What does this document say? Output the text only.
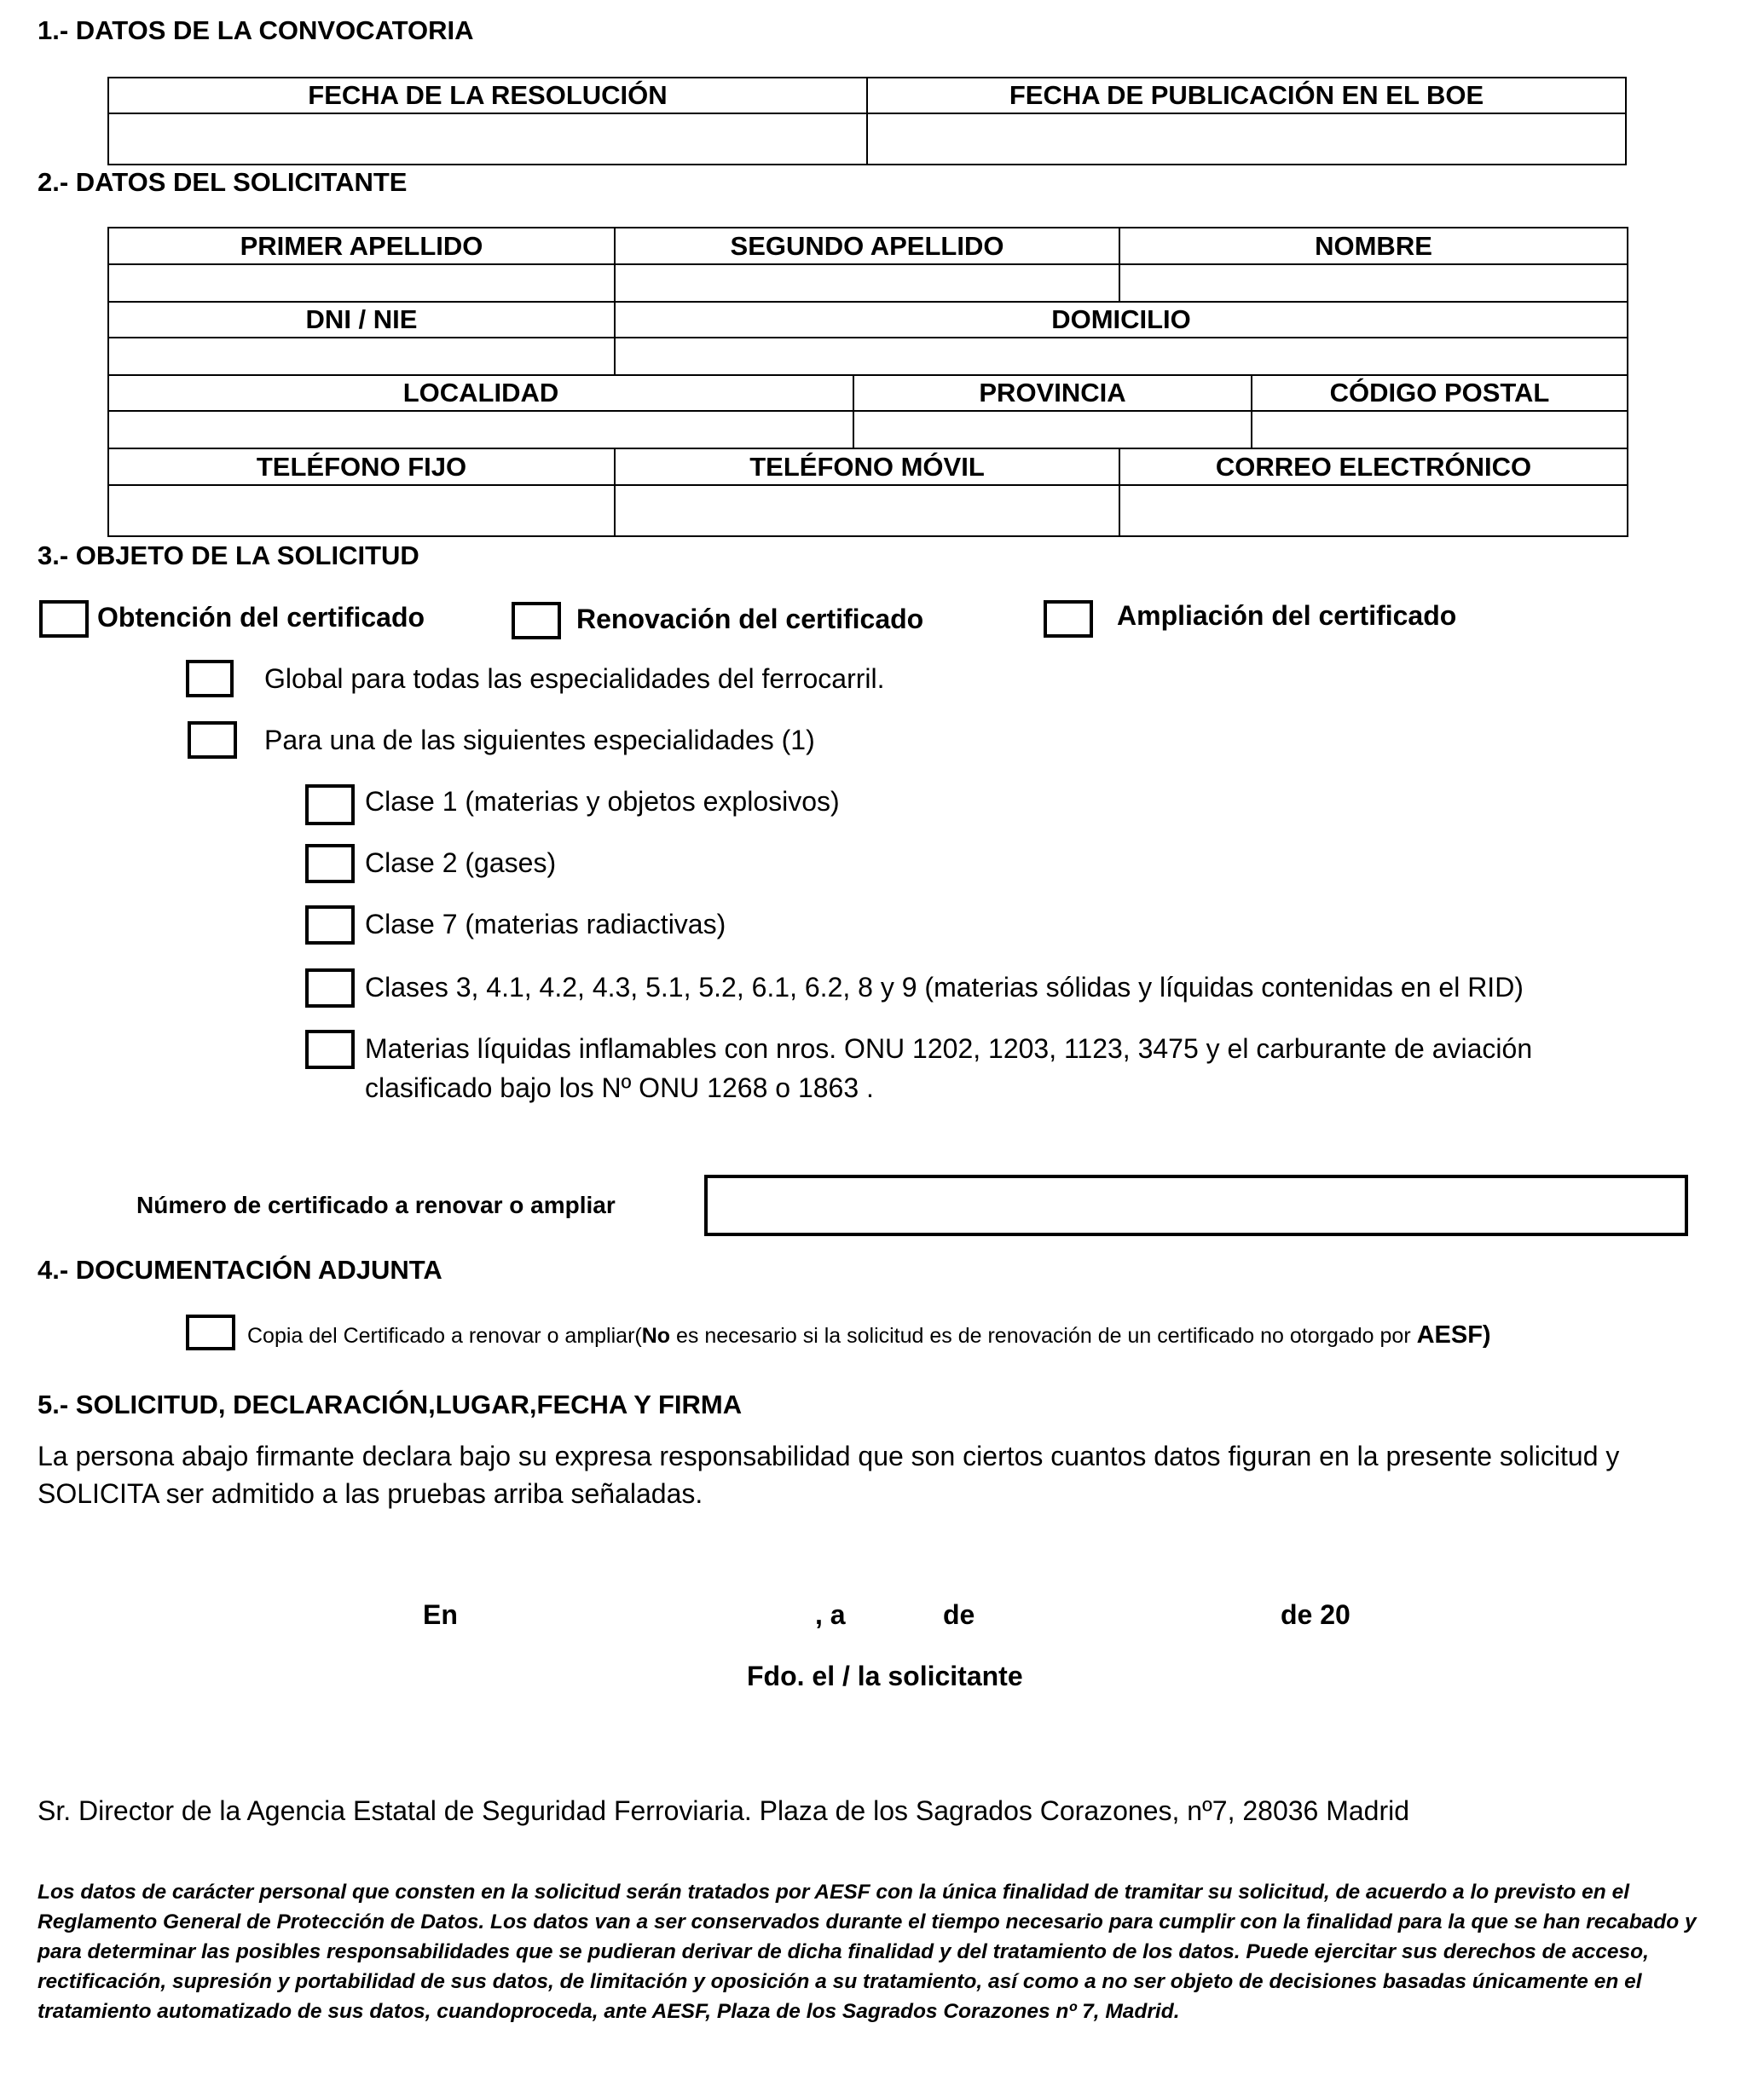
1.- DATOS DE LA CONVOCATORIA
FECHA DE LA RESOLUCIÓN	FECHA DE PUBLICACIÓN EN EL BOE

2.- DATOS DEL SOLICITANTE
PRIMER APELLIDO	SEGUNDO APELLIDO		NOMBRE	

DNI / NIE	DOMICILIO			

LOCALIDAD		PROVINCIA		CÓDIGO POSTAL

TELÉFONO FIJO	TELÉFONO MÓVIL		CORREO ELECTRÓNICO	

3.- OBJETO DE LA SOLICITUD
Obtención del certificado	Renovación del certificado	Ampliación del certificado
Global para todas las especialidades del ferrocarril.
Para una de las siguientes especialidades (1)
Clase 1 (materias y objetos explosivos)
Clase 2 (gases)
Clase 7 (materias radiactivas)
Clases 3, 4.1, 4.2, 4.3, 5.1, 5.2, 6.1, 6.2, 8 y 9 (materias sólidas y líquidas contenidas en el RID)
Materias líquidas inflamables con nros. ONU 1202, 1203, 1123, 3475 y el carburante de aviación
clasificado bajo los Nº ONU 1268 o 1863 .
Número de certificado a renovar o ampliar
4.- DOCUMENTACIÓN ADJUNTA
Copia del Certificado a renovar o ampliar(No es necesario si la solicitud es de renovación de un certificado no otorgado por AESF)
5.- SOLICITUD, DECLARACIÓN,LUGAR,FECHA Y FIRMA
La persona abajo firmante declara bajo su expresa responsabilidad que son ciertos cuantos datos figuran en la presente solicitud y SOLICITA ser admitido a las pruebas arriba señaladas.
En	, a	de	de 20
Fdo. el / la solicitante
Sr. Director de la Agencia Estatal de Seguridad Ferroviaria. Plaza de los Sagrados Corazones, nº7, 28036 Madrid
Los datos de carácter personal que consten en la solicitud serán tratados por AESF con la única finalidad de tramitar su solicitud, de acuerdo a lo previsto en el Reglamento General de Protección de Datos. Los datos van a ser conservados durante el tiempo necesario para cumplir con la finalidad para la que se han recabado y para determinar las posibles responsabilidades que se pudieran derivar de dicha finalidad y del tratamiento de los datos. Puede ejercitar sus derechos de acceso, rectificación, supresión y portabilidad de sus datos, de limitación y oposición a su tratamiento, así como a no ser objeto de decisiones basadas únicamente en el tratamiento automatizado de sus datos, cuandoproceda, ante AESF, Plaza de los Sagrados Corazones nº 7, Madrid.
